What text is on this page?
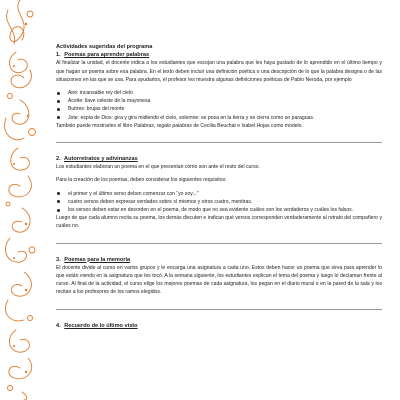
Actividades sugeridas del programa

1. Poemas para aprender palabras

Al finalizar la unidad, el docente indica a los estudiantes que escojan una palabra que les haya gustado de lo aprendido en el último tiempo y que hagan un poema sobre esa palabra. En el texto deben incluir una definición poética o una descripción de lo que la palabra designa o de las situaciones en las que se usa. Para ayudarlos, el profesor les muestra algunas definiciones poéticas de Pablo Neruda, por ejemplo

Aire: incansable rey del cielo
Aceite: llave celeste de la mayonesa
Buitres: brujas del monte
Jote: espía de Dios: gira y gira midiendo el cielo, solemne: se posa en la tierra y se cierra como un paraguas.

También puede mostrarles el libro Palabras, regalo palabras de Cecilia Beuchat e Isabel Hojas como modelo.

2. Autorretratos y adivinanzas

Los estudiantes elaboran un poema en el que presentan cómo son ante el resto del curso.

Para la creación de los poemas, deben considerar los siguientes requisitos:

el primer y el último verso deben comenzar con “yo soy...”
cuatro versos deben expresar verdades sobre sí mismos y otros cuatro, mentiras.
los versos deben estar en desorden en el poema, de modo que no sea evidente cuáles son los verdaderos y cuáles los falsos.

Luego de que cada alumno recita su poema, los demás discuten e indican qué versos corresponden verdaderamente al retrato del compañero y cuáles no.

3. Poemas para la memoria

El docente divide al curso en varios grupos y le encarga una asignatura a cada uno. Estos deben hacer un poema que sirva para aprender lo que están viendo en la asignatura que les tocó. A la semana siguiente, los estudiantes explican el tema del poema y luego lo declaman frente al curso. Al final de la actividad, el curso elige los mejores poemas de cada asignatura, los pegan en el diario mural o en la pared de la sala y los recitan a los profesores de los ramos elegidos.

4. Recuerdo de lo último visto
